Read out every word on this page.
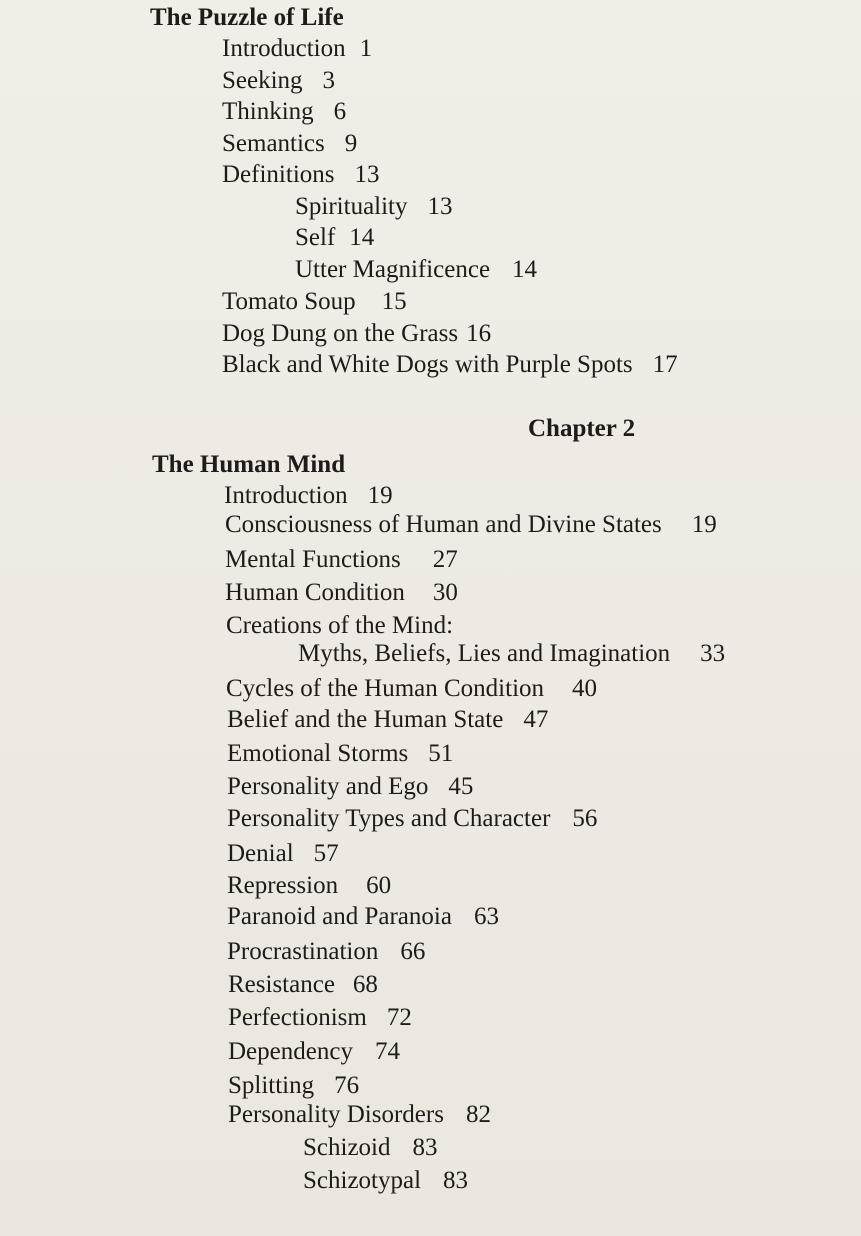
The Puzzle of Life
Introduction 1
Seeking 3
Thinking 6
Semantics 9
Definitions 13
Spirituality 13
Self 14
Utter Magnificence 14
Tomato Soup 15
Dog Dung on the Grass 16
Black and White Dogs with Purple Spots 17
Chapter 2
The Human Mind
Introduction 19
Consciousness of Human and Divine States 19
Mental Functions 27
Human Condition 30
Creations of the Mind:
Myths, Beliefs, Lies and Imagination 33
Cycles of the Human Condition 40
Belief and the Human State 47
Emotional Storms 51
Personality and Ego 45
Personality Types and Character 56
Denial 57
Repression 60
Paranoid and Paranoia 63
Procrastination 66
Resistance 68
Perfectionism 72
Dependency 74
Splitting 76
Personality Disorders 82
Schizoid 83
Schizotypal 83
